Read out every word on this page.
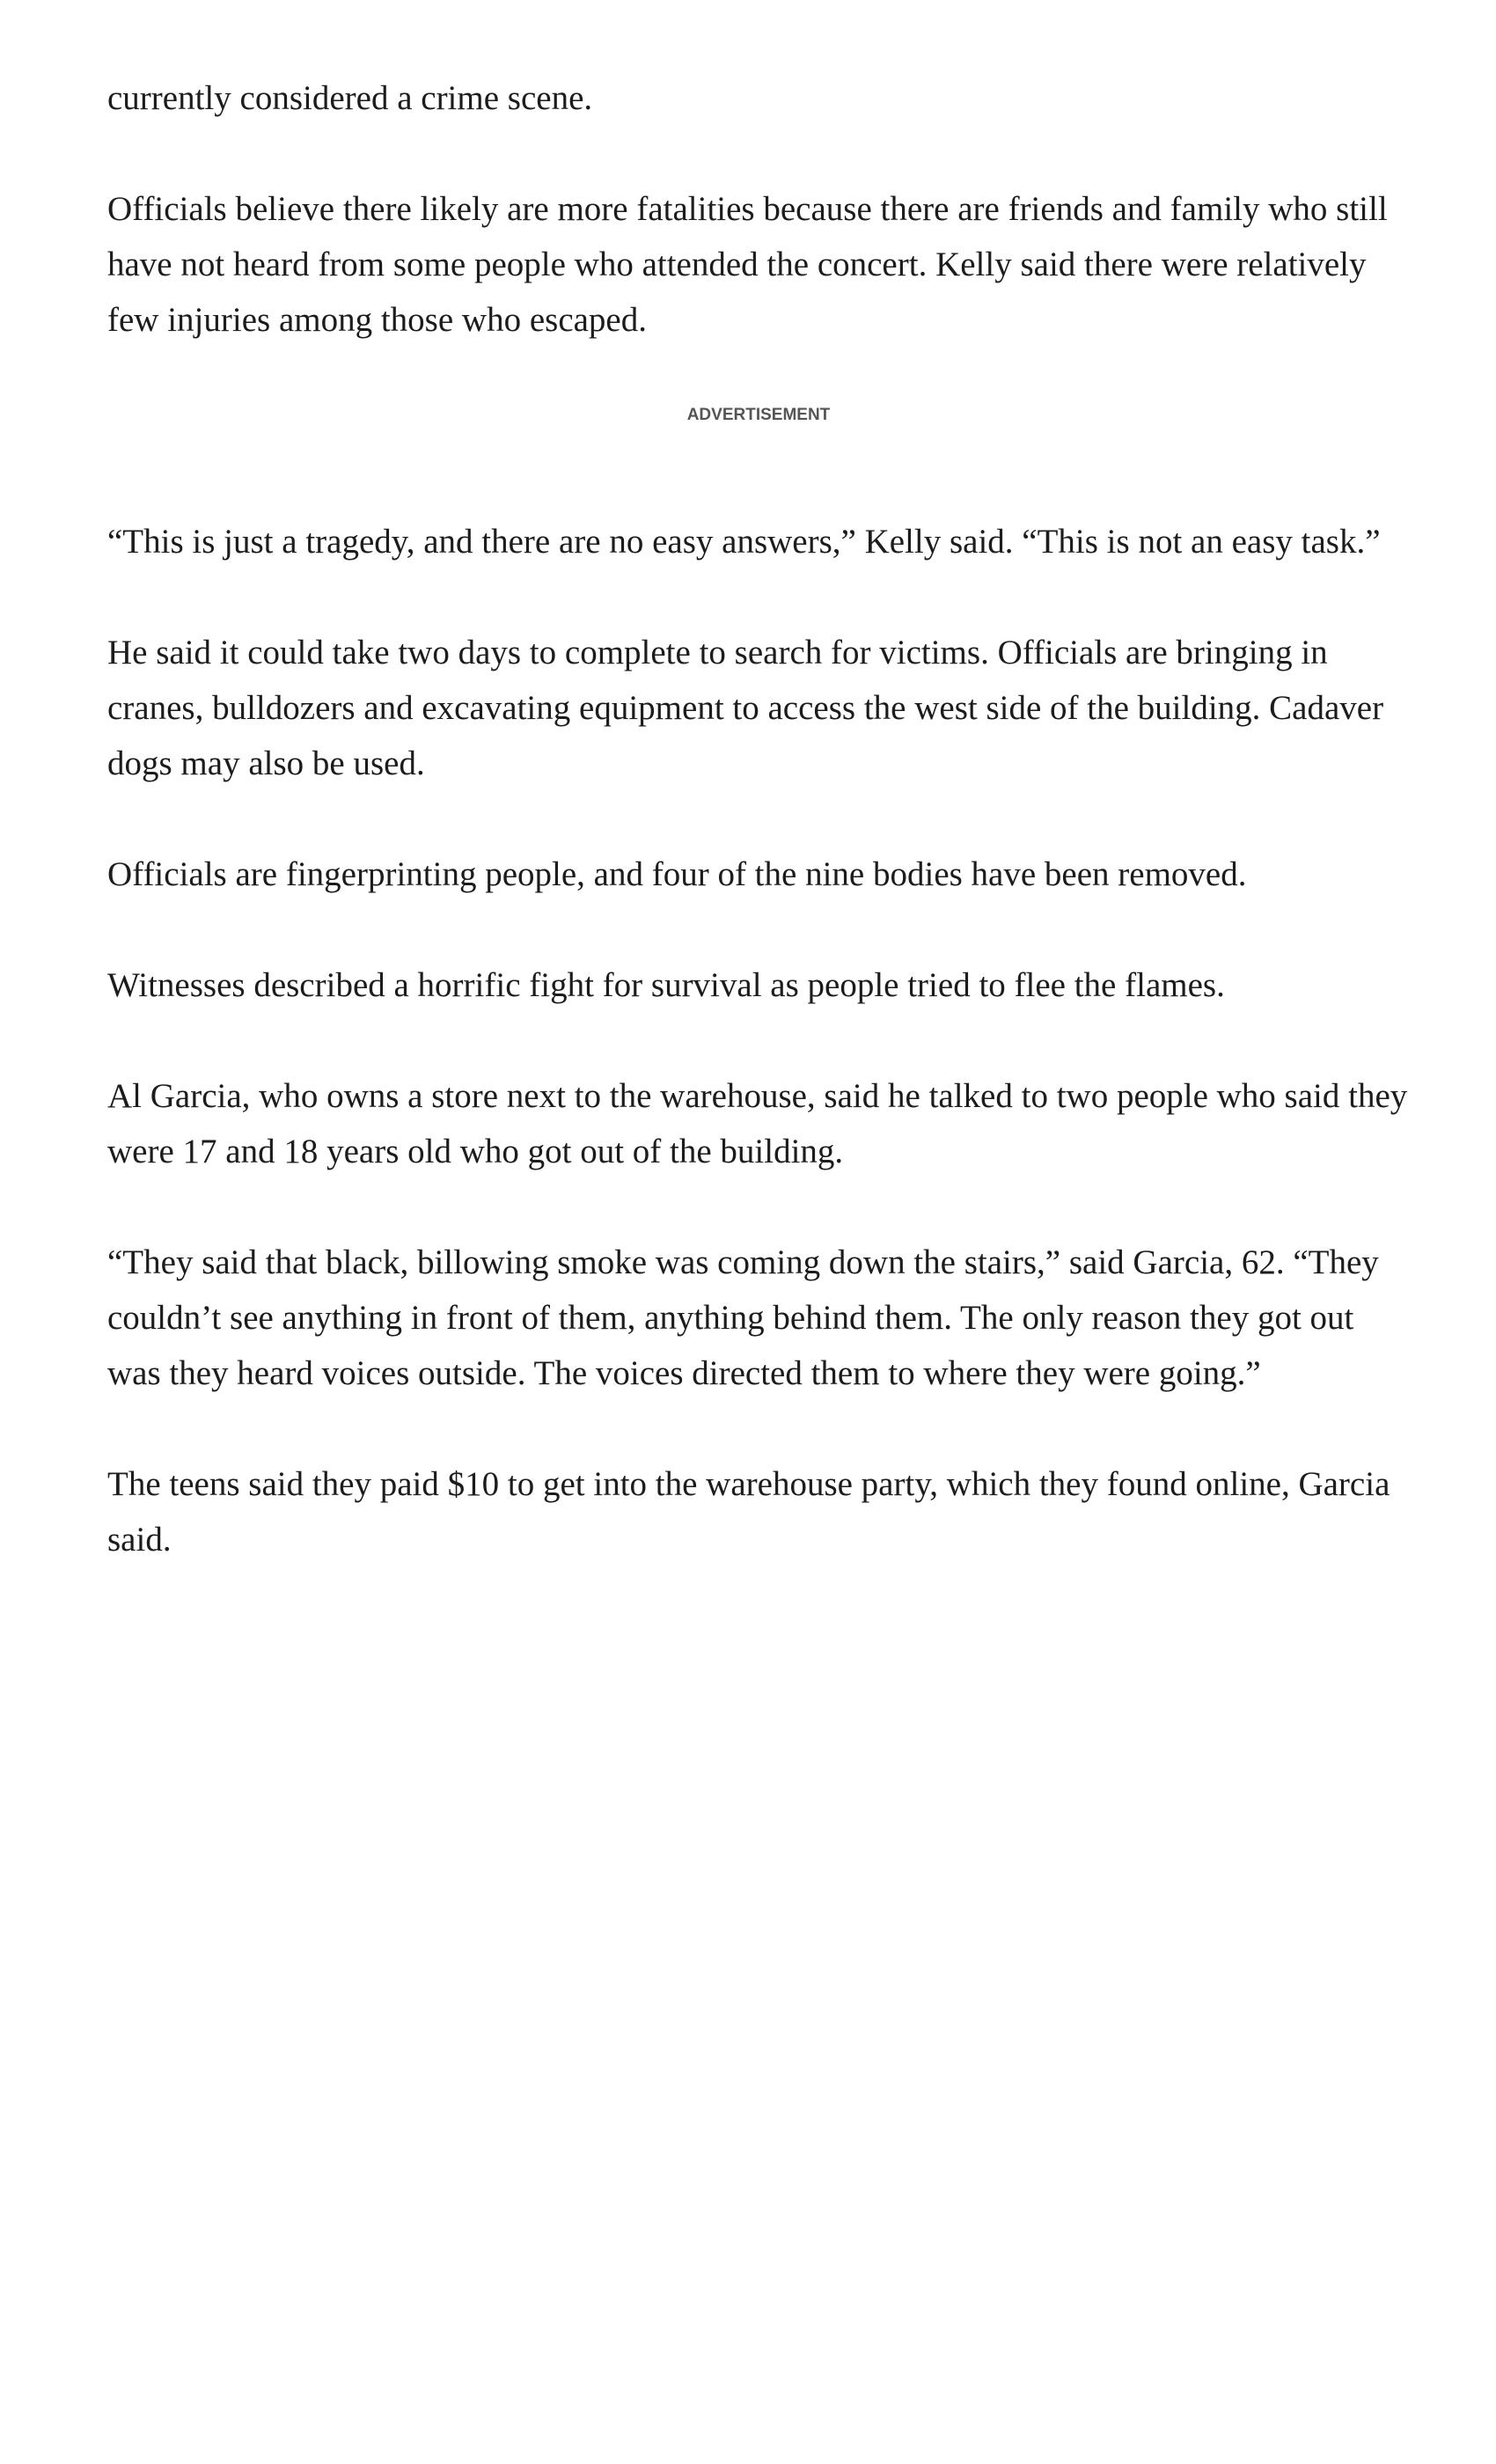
currently considered a crime scene.

Officials believe there likely are more fatalities because there are friends and family who still have not heard from some people who attended the concert. Kelly said there were relatively few injuries among those who escaped.

ADVERTISEMENT

“This is just a tragedy, and there are no easy answers,” Kelly said. “This is not an easy task.”

He said it could take two days to complete to search for victims. Officials are bringing in cranes, bulldozers and excavating equipment to access the west side of the building. Cadaver dogs may also be used.

Officials are fingerprinting people, and four of the nine bodies have been removed.

Witnesses described a horrific fight for survival as people tried to flee the flames.

Al Garcia, who owns a store next to the warehouse, said he talked to two people who said they were 17 and 18 years old who got out of the building.

“They said that black, billowing smoke was coming down the stairs,” said Garcia, 62. “They couldn’t see anything in front of them, anything behind them. The only reason they got out was they heard voices outside. The voices directed them to where they were going.”

The teens said they paid $10 to get into the warehouse party, which they found online, Garcia said.
